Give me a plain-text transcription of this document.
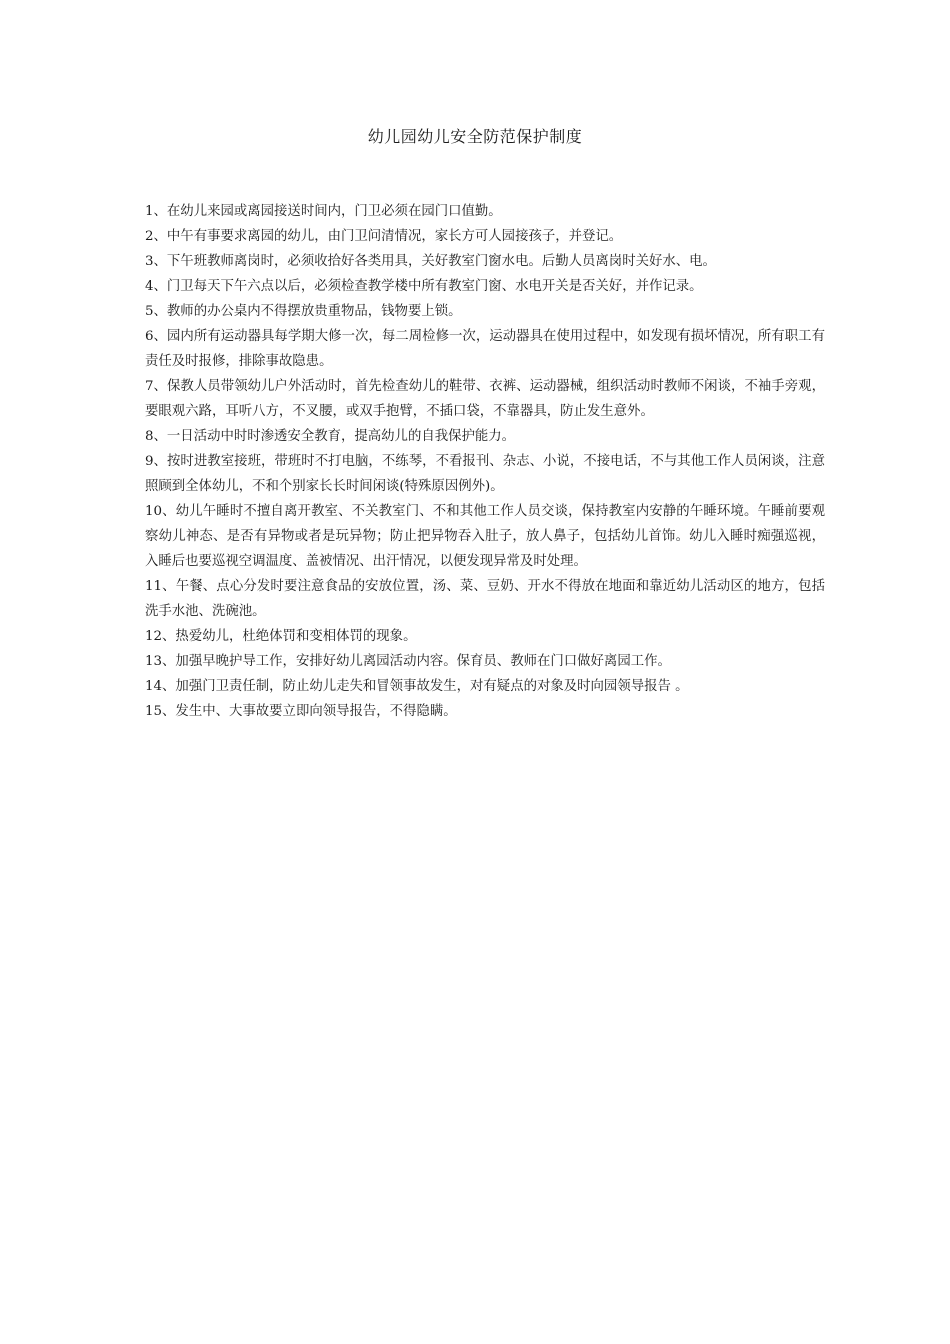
幼儿园幼儿安全防范保护制度

1、在幼儿来园或离园接送时间内，门卫必须在园门口值勤。

2、中午有事要求离园的幼儿，由门卫问清情况，家长方可人园接孩子，并登记。

3、下午班教师离岗时，必须收拾好各类用具，关好教室门窗水电。后勤人员离岗时关好水、电。

4、门卫每天下午六点以后，必须检查教学楼中所有教室门窗、水电开关是否关好，并作记录。

5、教师的办公桌内不得摆放贵重物品，钱物要上锁。

6、园内所有运动器具每学期大修一次，每二周检修一次，运动器具在使用过程中，如发现有损坏情况，所有职工有责任及时报修，排除事故隐患。

7、保教人员带领幼儿户外活动时，首先检查幼儿的鞋带、衣裤、运动器械，组织活动时教师不闲谈，不袖手旁观，要眼观六路，耳听八方，不叉腰，或双手抱臂，不插口袋，不靠器具，防止发生意外。

8、一日活动中时时渗透安全教育，提高幼儿的自我保护能力。

9、按时进教室接班，带班时不打电脑，不练琴，不看报刊、杂志、小说，不接电话，不与其他工作人员闲谈，注意照顾到全体幼儿，不和个别家长长时间闲谈(特殊原因例外)。

10、幼儿午睡时不擅自离开教室、不关教室门、不和其他工作人员交谈，保持教室内安静的午睡环境。午睡前要观察幼儿神态、是否有异物或者是玩异物；防止把异物吞入肚子，放人鼻子，包括幼儿首饰。幼儿入睡时痴强巡视，入睡后也要巡视空调温度、盖被情况、出汗情况，以便发现异常及时处理。

11、午餐、点心分发时要注意食品的安放位置，汤、菜、豆奶、开水不得放在地面和靠近幼儿活动区的地方，包括洗手水池、洗碗池。

12、热爱幼儿，杜绝体罚和变相体罚的现象。

13、加强早晚护导工作，安排好幼儿离园活动内容。保育员、教师在门口做好离园工作。

14、加强门卫责任制，防止幼儿走失和冒领事故发生，对有疑点的对象及时向园领导报告 。

15、发生中、大事故要立即向领导报告，不得隐瞒。
